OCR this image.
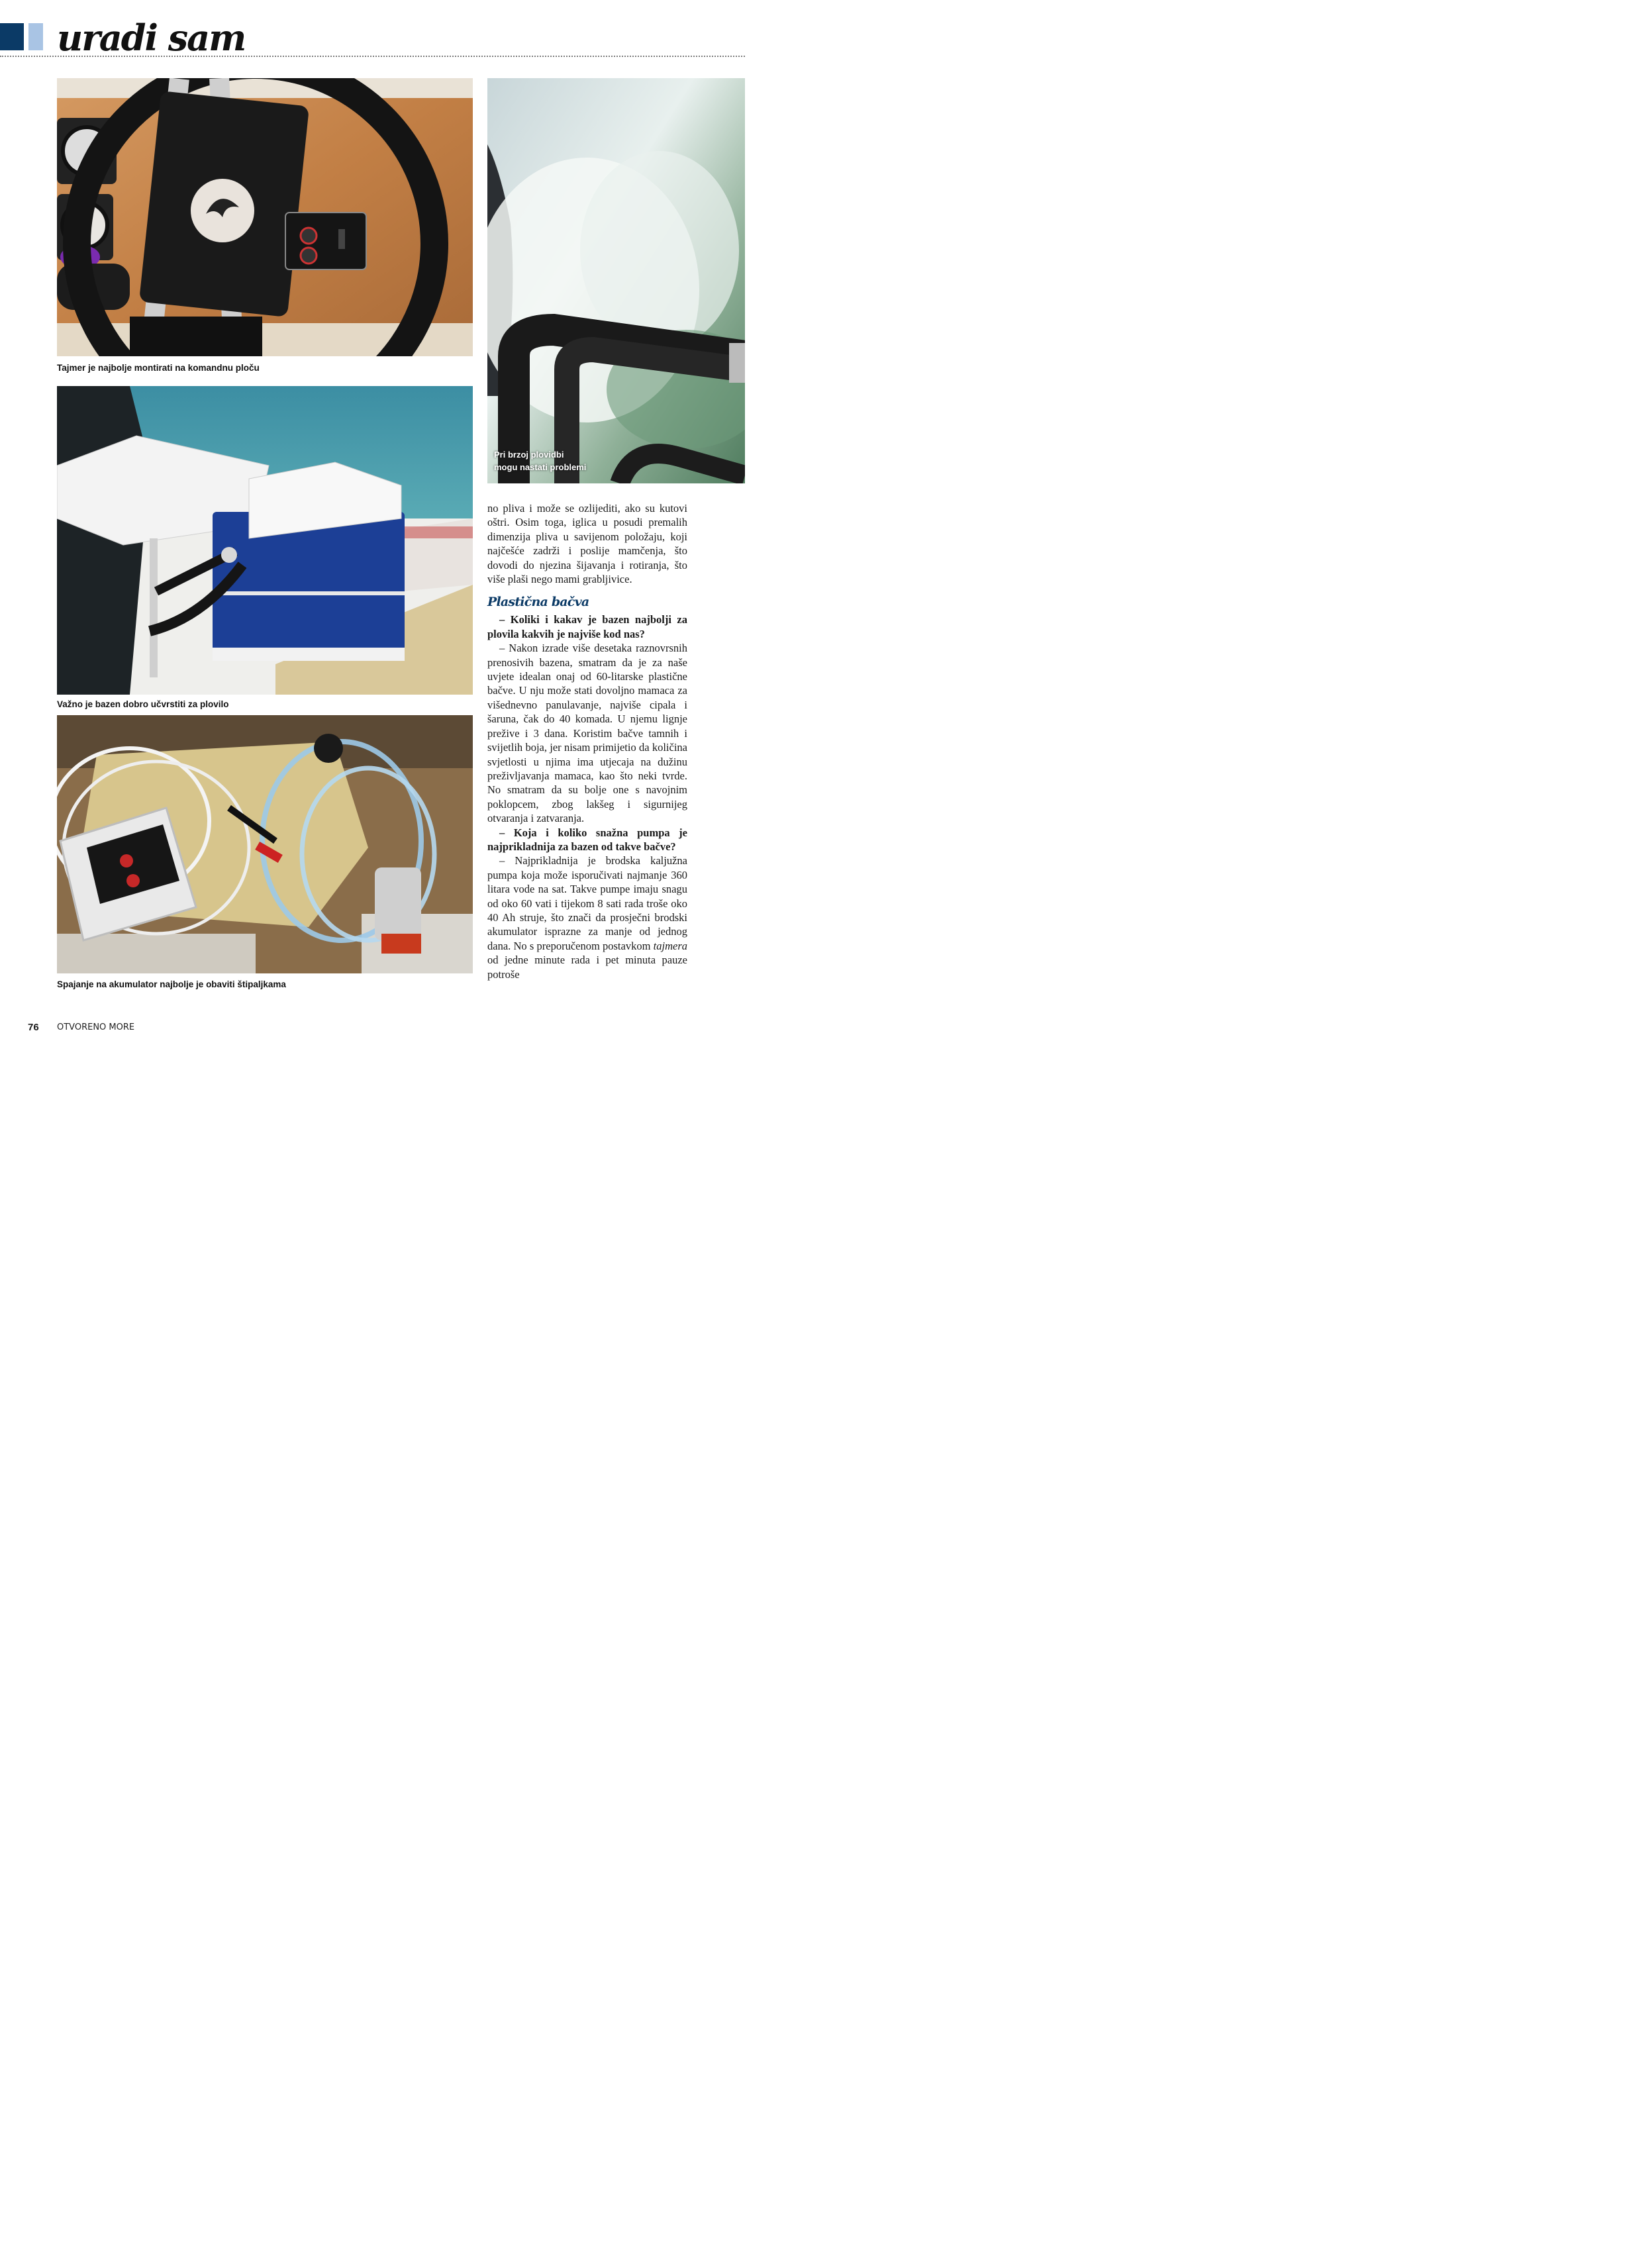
uradi sam
Tajmer je najbolje montirati na komandnu ploču
Pri brzoj plovidbi
mogu nastati problemi
Važno je bazen dobro učvrstiti za plovilo
Spajanje na akumulator najbolje je obaviti štipaljkama

no pliva i može se ozlijediti, ako su kutovi oštri. Osim toga, iglica u posudi premalih dimenzija pliva u savijenom položaju, koji najčešće zadrži i poslije mamčenja, što dovodi do njezina šijavanja i rotiranja, što više plaši nego mami grabljivice.

Plastična bačva

– Koliki i kakav je bazen najbolji za plovila kakvih je najviše kod nas?

– Nakon izrade više desetaka raznovrsnih prenosivih bazena, smatram da je za naše uvjete idealan onaj od 60-litarske plastične bačve. U nju može stati dovoljno mamaca za višednevno panulavanje, najviše cipala i šaruna, čak do 40 komada. U njemu lignje prežive i 3 dana. Koristim bačve tamnih i svijetlih boja, jer nisam primijetio da količina svjetlosti u njima ima utjecaja na dužinu preživljavanja mamaca, kao što neki tvrde. No smatram da su bolje one s navojnim poklopcem, zbog lakšeg i sigurnijeg otvaranja i zatvaranja.

– Koja i koliko snažna pumpa je najprikladnija za bazen od takve bačve?

– Najprikladnija je brodska kaljužna pumpa koja može isporučivati najmanje 360 litara vode na sat. Takve pumpe imaju snagu od oko 60 vati i tijekom 8 sati rada troše oko 40 Ah struje, što znači da prosječni brodski akumulator isprazne za manje od jednog dana. No s preporučenom postavkom tajmera od jedne minute rada i pet minuta pauze potroše

76 OTVORENO MORE
